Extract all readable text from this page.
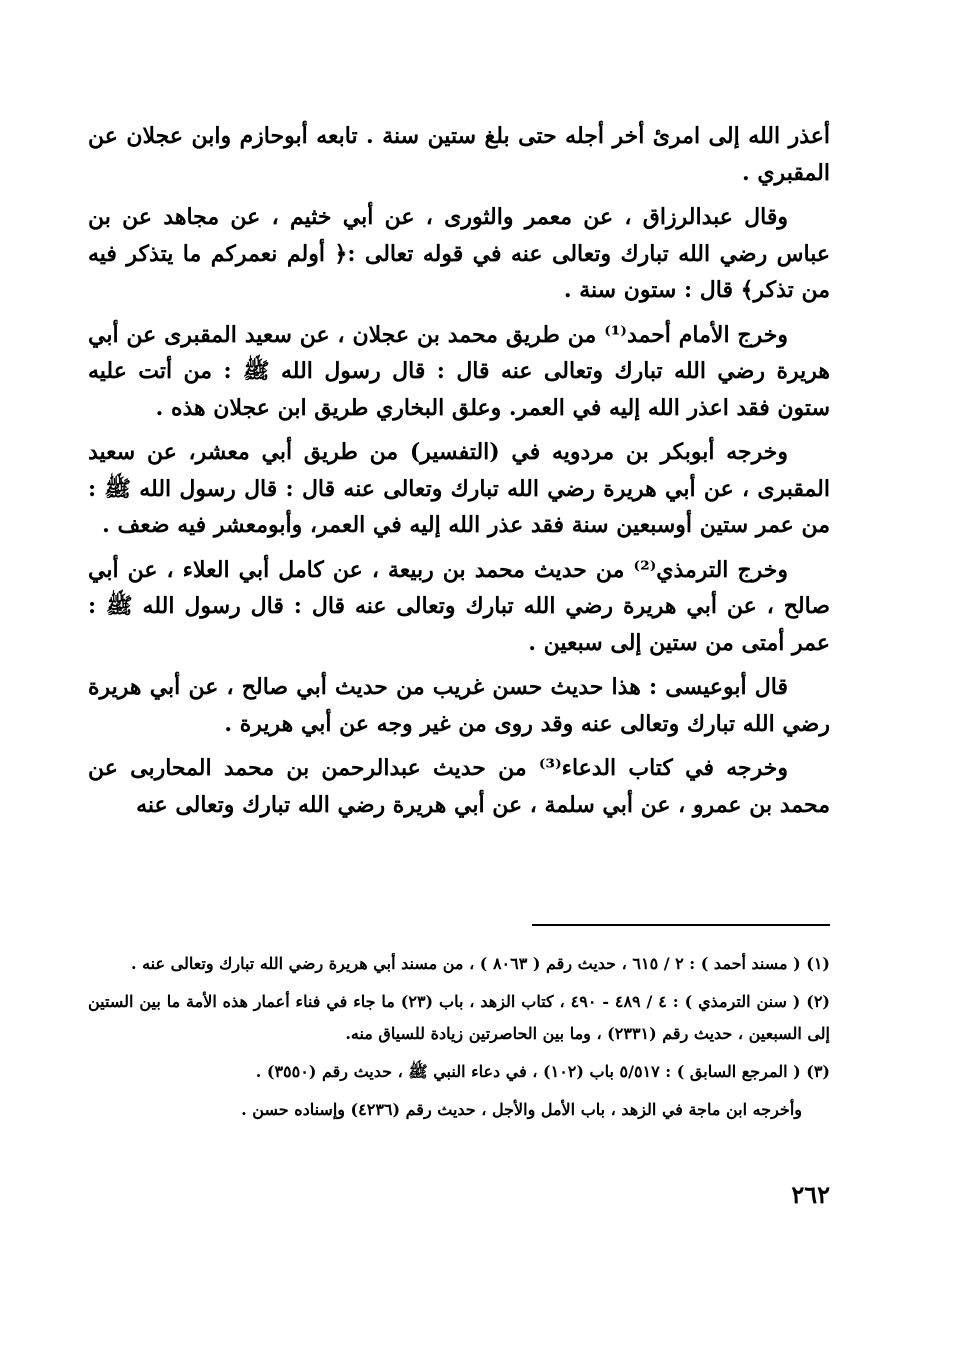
أعذر الله إلى امرئ أخر أجله حتى بلغ ستين سنة . تابعه أبوحازم وابن عجلان عن المقبري .

وقال عبدالرزاق ، عن معمر والثورى ، عن أبي خثيم ، عن مجاهد عن بن عباس رضي الله تبارك وتعالى عنه في قوله تعالى :﴿ أولم نعمركم ما يتذكر فيه من تذكر﴾ قال : ستون سنة .

وخرج الأمام أحمد⁽¹⁾ من طريق محمد بن عجلان ، عن سعيد المقبرى عن أبي هريرة رضي الله تبارك وتعالى عنه قال : قال رسول الله ﷺ : من أتت عليه ستون فقد اعذر الله إليه في العمر. وعلق البخاري طريق ابن عجلان هذه .

وخرجه أبوبكر بن مردويه في (التفسير) من طريق أبي معشر، عن سعيد المقبرى ، عن أبي هريرة رضي الله تبارك وتعالى عنه قال : قال رسول الله ﷺ : من عمر ستين أوسبعين سنة فقد عذر الله إليه في العمر، وأبومعشر فيه ضعف .

وخرج الترمذي⁽²⁾ من حديث محمد بن ربيعة ، عن كامل أبي العلاء ، عن أبي صالح ، عن أبي هريرة رضي الله تبارك وتعالى عنه قال : قال رسول الله ﷺ : عمر أمتى من ستين إلى سبعين .

قال أبوعيسى : هذا حديث حسن غريب من حديث أبي صالح ، عن أبي هريرة رضي الله تبارك وتعالى عنه وقد روى من غير وجه عن أبي هريرة .

وخرجه في كتاب الدعاء⁽³⁾ من حديث عبدالرحمن بن محمد المحاربى عن محمد بن عمرو ، عن أبي سلمة ، عن أبي هريرة رضي الله تبارك وتعالى عنه

(١) ( مسند أحمد ) : ٢ / ٦١٥ ، حديث رقم ( ٨٠٦٣ ) ، من مسند أبي هريرة رضي الله تبارك وتعالى عنه .

(٢) ( سنن الترمذي ) : ٤ / ٤٨٩ - ٤٩٠ ، كتاب الزهد ، باب (٢٣) ما جاء في فناء أعمار هذه الأمة ما بين الستين إلى السبعين ، حديث رقم (٢٣٣١) ، وما بين الحاصرتين زيادة للسياق منه.

(٣) ( المرجع السابق ) : ٥/٥١٧ باب (١٠٢) ، في دعاء النبي ﷺ ، حديث رقم (٣٥٥٠) .

وأخرجه ابن ماجة في الزهد ، باب الأمل والأجل ، حديث رقم (٤٢٣٦) وإسناده حسن .

٢٦٢
